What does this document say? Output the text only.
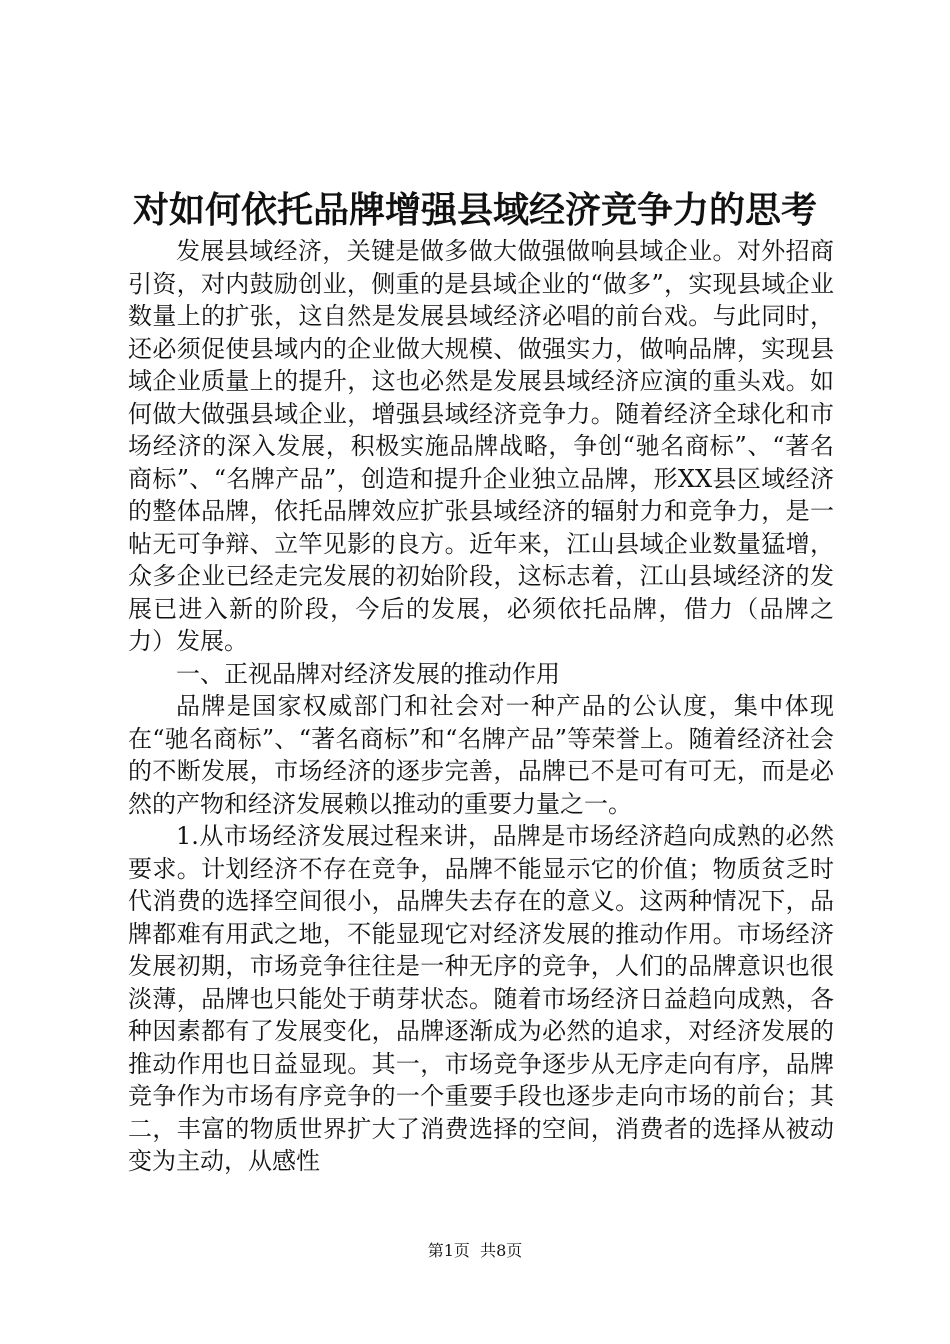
对如何依托品牌增强县域经济竞争力的思考

发展县域经济，关键是做多做大做强做响县域企业。对外招商引资，对内鼓励创业，侧重的是县域企业的“做多”，实现县域企业数量上的扩张，这自然是发展县域经济必唱的前台戏。与此同时，还必须促使县域内的企业做大规模、做强实力，做响品牌，实现县域企业质量上的提升，这也必然是发展县域经济应演的重头戏。如何做大做强县域企业，增强县域经济竞争力。随着经济全球化和市场经济的深入发展，积极实施品牌战略，争创“驰名商标”、“著名商标”、“名牌产品”，创造和提升企业独立品牌，形XX县区域经济的整体品牌，依托品牌效应扩张县域经济的辐射力和竞争力，是一帖无可争辩、立竿见影的良方。近年来，江山县域企业数量猛增，众多企业已经走完发展的初始阶段，这标志着，江山县域经济的发展已进入新的阶段，今后的发展，必须依托品牌，借力（品牌之力）发展。

一、正视品牌对经济发展的推动作用

品牌是国家权威部门和社会对一种产品的公认度，集中体现在“驰名商标”、“著名商标”和“名牌产品”等荣誉上。随着经济社会的不断发展，市场经济的逐步完善，品牌已不是可有可无，而是必然的产物和经济发展赖以推动的重要力量之一。

1.从市场经济发展过程来讲，品牌是市场经济趋向成熟的必然要求。计划经济不存在竞争，品牌不能显示它的价值；物质贫乏时代消费的选择空间很小，品牌失去存在的意义。这两种情况下，品牌都难有用武之地，不能显现它对经济发展的推动作用。市场经济发展初期，市场竞争往往是一种无序的竞争，人们的品牌意识也很淡薄，品牌也只能处于萌芽状态。随着市场经济日益趋向成熟，各种因素都有了发展变化，品牌逐渐成为必然的追求，对经济发展的推动作用也日益显现。其一，市场竞争逐步从无序走向有序，品牌竞争作为市场有序竞争的一个重要手段也逐步走向市场的前台；其二，丰富的物质世界扩大了消费选择的空间，消费者的选择从被动变为主动，从感性

第1页  共8页
